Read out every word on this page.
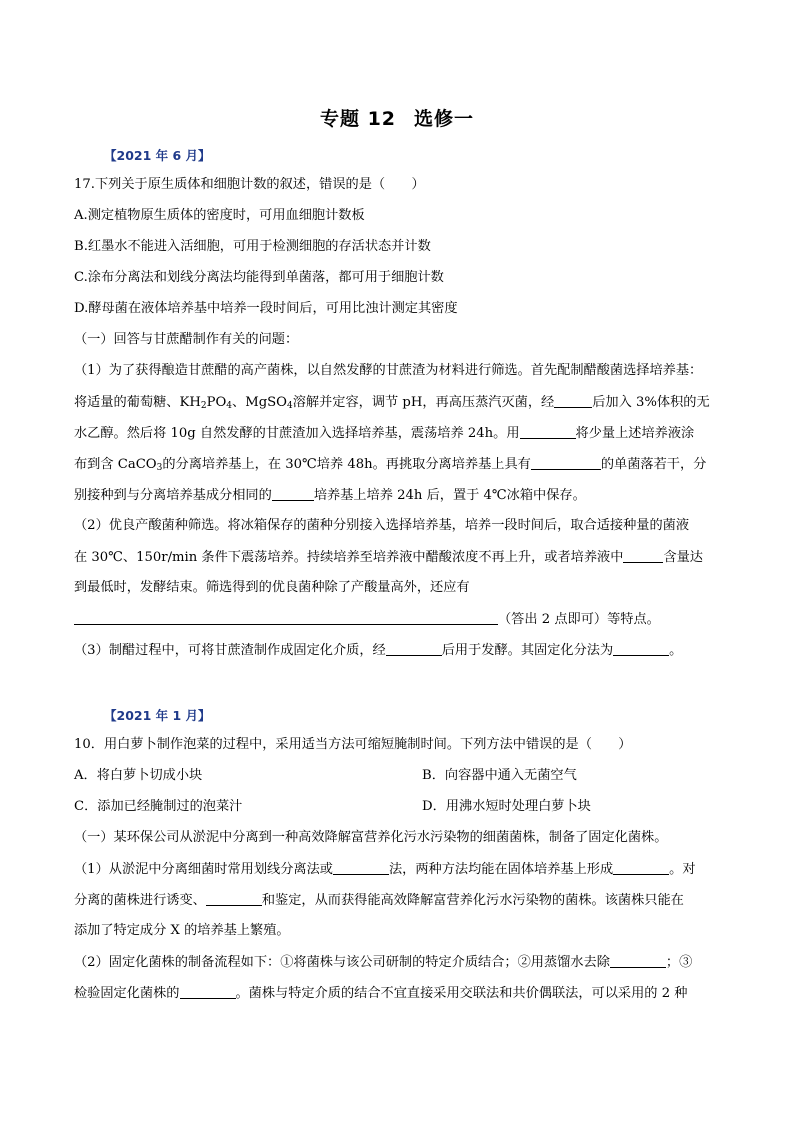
专题 12 选修一
【2021 年 6 月】
17.下列关于原生质体和细胞计数的叙述，错误的是（　　）
A.测定植物原生质体的密度时，可用血细胞计数板
B.红墨水不能进入活细胞，可用于检测细胞的存活状态并计数
C.涂布分离法和划线分离法均能得到单菌落，都可用于细胞计数
D.酵母菌在液体培养基中培养一段时间后，可用比浊计测定其密度
（一）回答与甘蔗醋制作有关的问题：
（1）为了获得酿造甘蔗醋的高产菌株，以自然发酵的甘蔗渣为材料进行筛选。首先配制醋酸菌选择培养基：
将适量的葡萄糖、$KH_2PO_4$、MgSO$_4$溶解并定容，调节 pH，再高压蒸汽灭菌，经	后加入 3%体积的无
水乙醇。然后将 10g 自然发酵的甘蔗渣加入选择培养基，震荡培养 24h。用	将少量上述培养液涂
布到含 CaCO$_3$的分离培养基上，在 30℃培养 48h。再挑取分离培养基上具有	的单菌落若干，分
别接种到与分离培养基成分相同的	培养基上培养 24h 后，置于 4℃冰箱中保存。
（2）优良产酸菌种筛选。将冰箱保存的菌种分别接入选择培养基，培养一段时间后，取合适接种量的菌液
在 30℃、150r/min 条件下震荡培养。持续培养至培养液中醋酸浓度不再上升，或者培养液中	含量达
到最低时，发酵结束。筛选得到的优良菌种除了产酸量高外，还应有
（答出 2 点即可）等特点。
（3）制醋过程中，可将甘蔗渣制作成固定化介质，经	后用于发酵。其固定化分法为	。
【2021 年 1 月】
10．用白萝卜制作泡菜的过程中，采用适当方法可缩短腌制时间。下列方法中错误的是（　　）
A．将白萝卜切成小块	B．向容器中通入无菌空气
C．添加已经腌制过的泡菜汁	D．用沸水短时处理白萝卜块
（一）某环保公司从淤泥中分离到一种高效降解富营养化污水污染物的细菌菌株，制备了固定化菌株。
（1）从淤泥中分离细菌时常用划线分离法或	法，两种方法均能在固体培养基上形成	。对
分离的菌株进行诱变、	和鉴定，从而获得能高效降解富营养化污水污染物的菌株。该菌株只能在
添加了特定成分 X 的培养基上繁殖。
（2）固定化菌株的制备流程如下：①将菌株与该公司研制的特定介质结合；②用蒸馏水去除	；③
检验固定化菌株的	。菌株与特定介质的结合不宜直接采用交联法和共价偶联法，可以采用的 2 种
